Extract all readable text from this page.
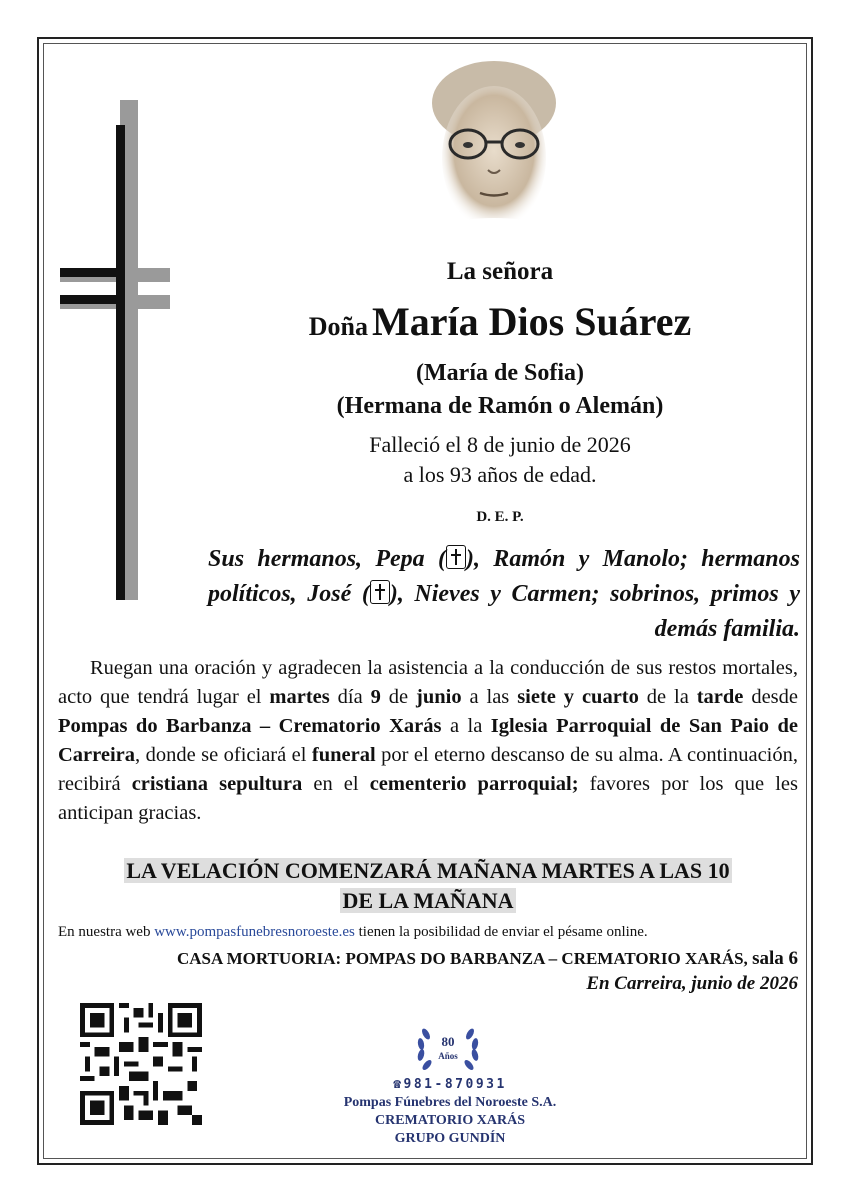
La señora
Doña María Dios Suárez
(María de Sofia)
(Hermana de Ramón o Alemán)
Falleció el 8 de junio de 2026
a los 93 años de edad.
D. E. P.
Sus hermanos, Pepa ( ), Ramón y Manolo; hermanos políticos, José ( ), Nieves y Carmen; sobrinos, primos y demás familia.
Ruegan una oración y agradecen la asistencia a la conducción de sus restos mortales, acto que tendrá lugar el martes día 9 de junio a las siete y cuarto de la tarde desde Pompas do Barbanza – Crematorio Xarás a la Iglesia Parroquial de San Paio de Carreira, donde se oficiará el funeral por el eterno descanso de su alma. A continuación, recibirá cristiana sepultura en el cementerio parroquial; favores por los que les anticipan gracias.
LA VELACIÓN COMENZARÁ MAÑANA MARTES A LAS 10
DE LA MAÑANA
En nuestra web www.pompasfunebresnoroeste.es tienen la posibilidad de enviar el pésame online.
CASA MORTUORIA: POMPAS DO BARBANZA – CREMATORIO XARÁS, sala 6
En Carreira, junio de 2026
80
Años
☎981-870931
Pompas Fúnebres del Noroeste S.A.
CREMATORIO XARÁS
GRUPO GUNDÍN
